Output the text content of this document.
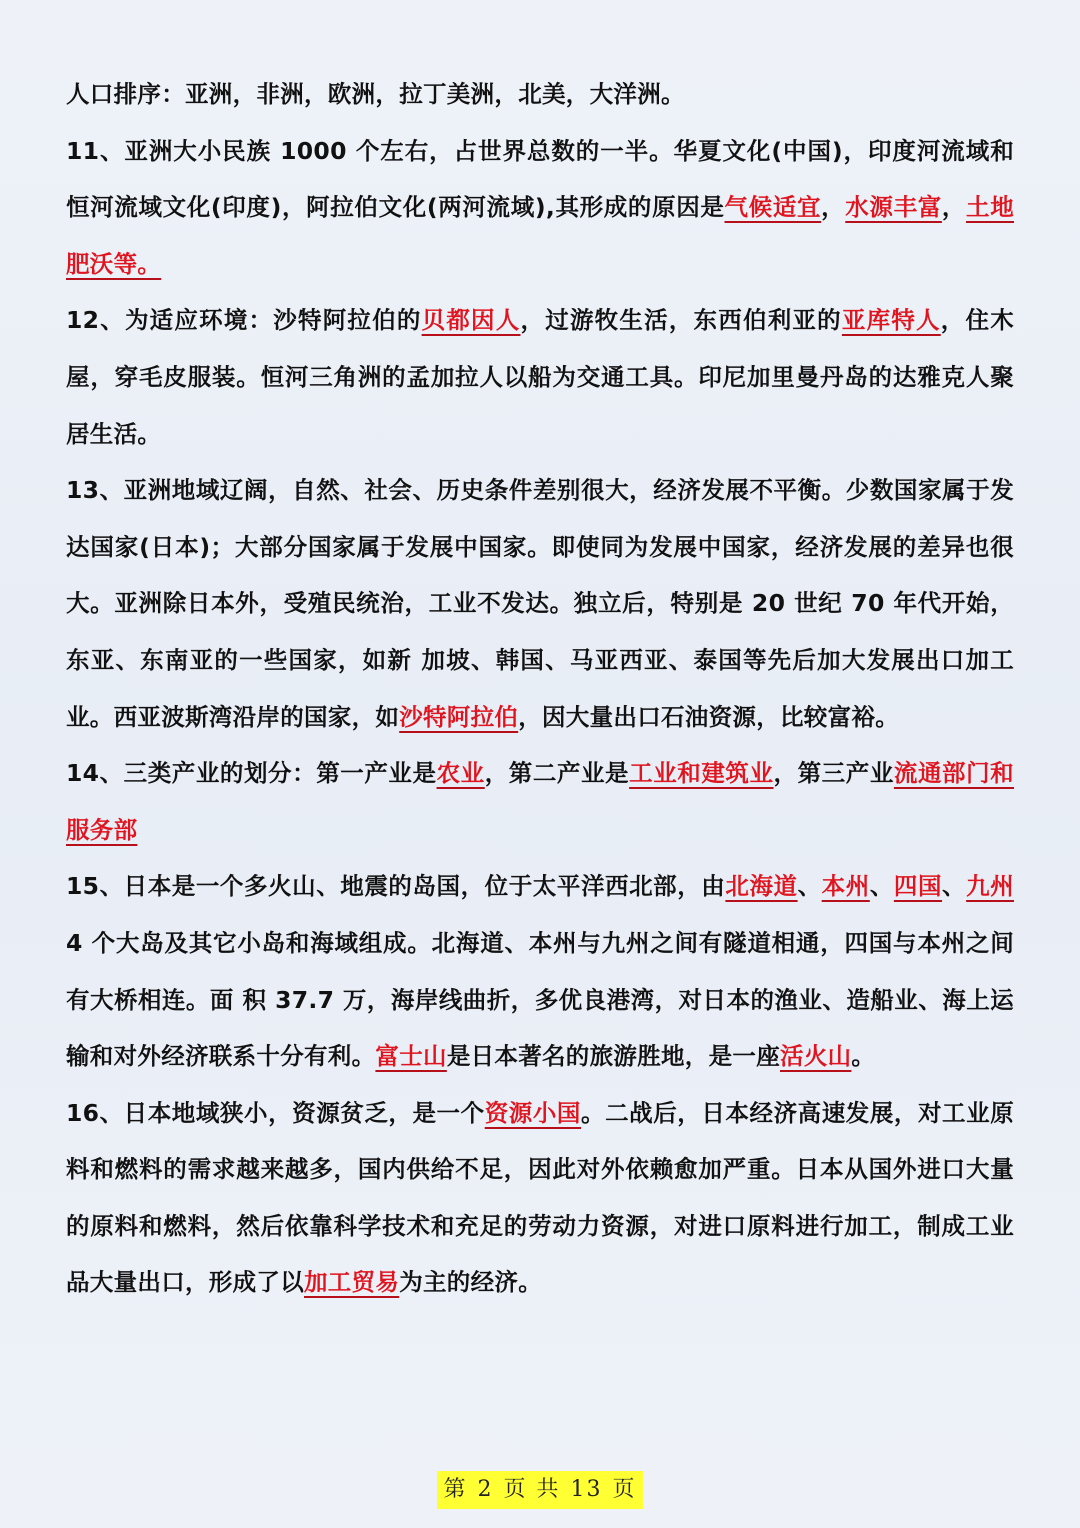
人口排序：亚洲，非洲，欧洲，拉丁美洲，北美，大洋洲。

11、亚洲大小民族 1000 个左右，占世界总数的一半。华夏文化(中国)，印度河流域和恒河流域文化(印度)，阿拉伯文化(两河流域),其形成的原因是气候适宜，水源丰富，土地肥沃等。

12、为适应环境：沙特阿拉伯的贝都因人，过游牧生活，东西伯利亚的亚库特人，住木屋，穿毛皮服装。恒河三角洲的孟加拉人以船为交通工具。印尼加里曼丹岛的达雅克人聚居生活。

13、亚洲地域辽阔，自然、社会、历史条件差别很大，经济发展不平衡。少数国家属于发达国家(日本)；大部分国家属于发展中国家。即使同为发展中国家，经济发展的差异也很大。亚洲除日本外，受殖民统治，工业不发达。独立后，特别是 20 世纪 70 年代开始，东亚、东南亚的一些国家，如新 加坡、韩国、马亚西亚、泰国等先后加大发展出口加工业。西亚波斯湾沿岸的国家，如沙特阿拉伯，因大量出口石油资源，比较富裕。

14、三类产业的划分：第一产业是农业，第二产业是工业和建筑业，第三产业流通部门和服务部

15、日本是一个多火山、地震的岛国，位于太平洋西北部，由北海道、本州、四国、九州 4 个大岛及其它小岛和海域组成。北海道、本州与九州之间有隧道相通，四国与本州之间有大桥相连。面 积 37.7 万，海岸线曲折，多优良港湾，对日本的渔业、造船业、海上运输和对外经济联系十分有利。富士山是日本著名的旅游胜地，是一座活火山。

16、日本地域狭小，资源贫乏，是一个资源小国。二战后，日本经济高速发展，对工业原料和燃料的需求越来越多，国内供给不足，因此对外依赖愈加严重。日本从国外进口大量的原料和燃料，然后依靠科学技术和充足的劳动力资源，对进口原料进行加工，制成工业品大量出口，形成了以加工贸易为主的经济。

第 2 页 共 13 页
